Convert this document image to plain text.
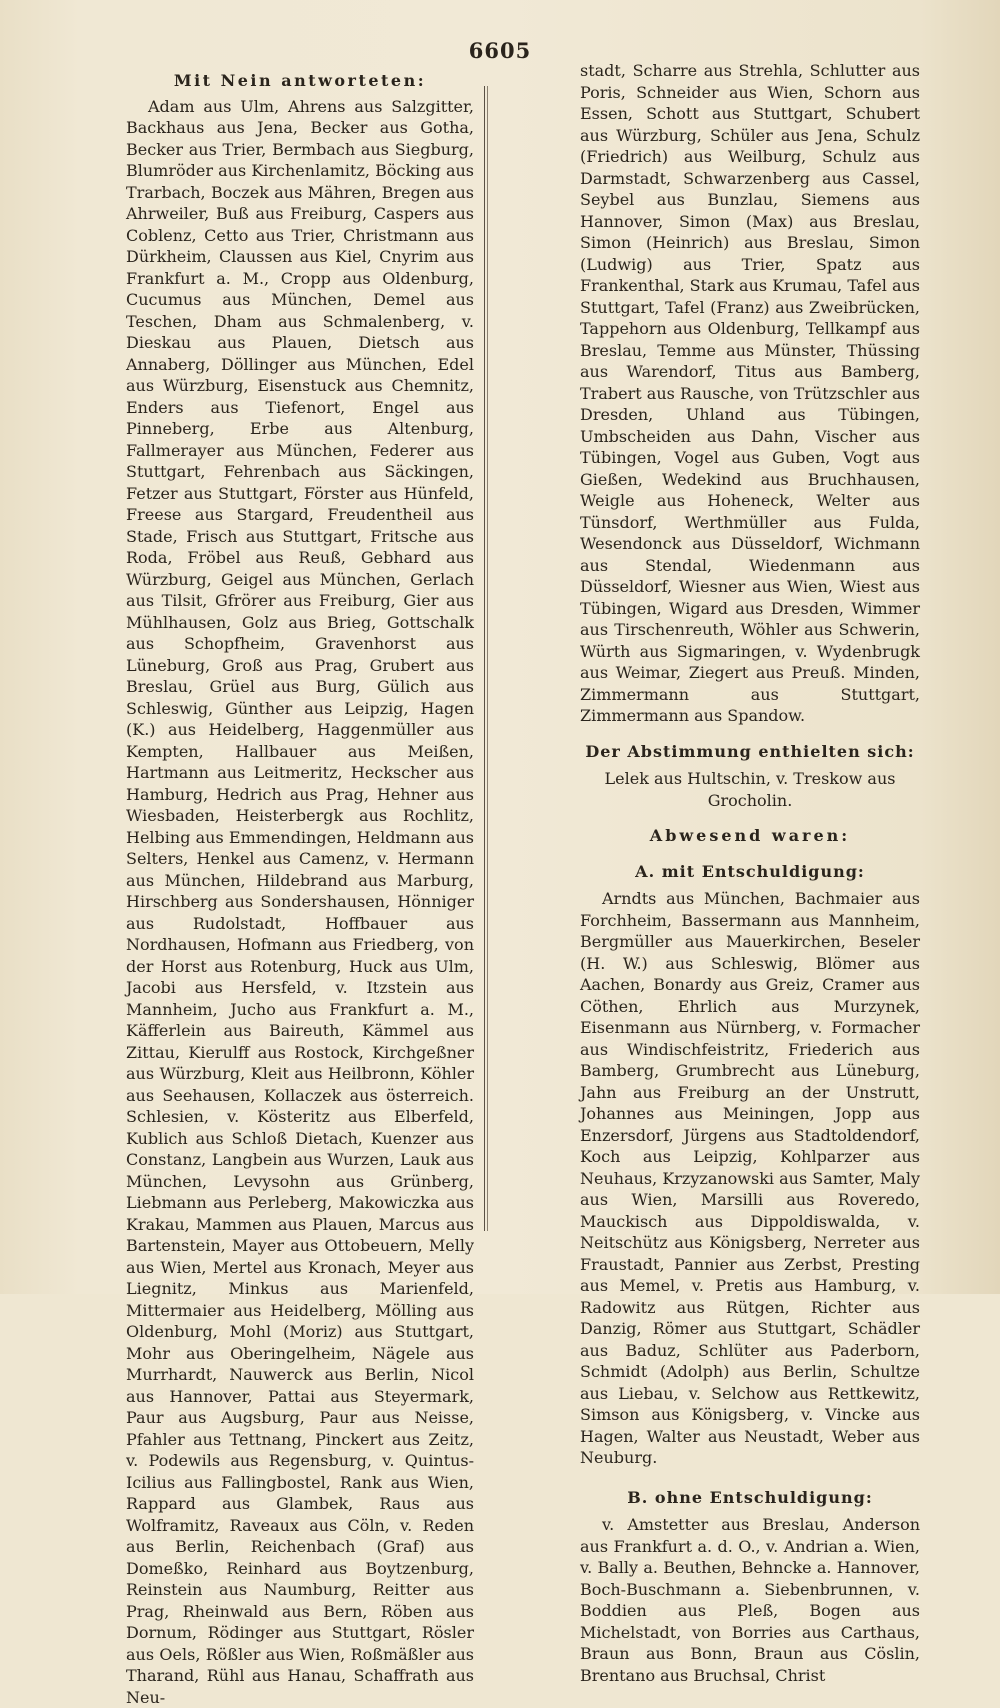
6605

Mit Nein antworteten:

Adam aus Ulm, Ahrens aus Salzgitter, Backhaus aus Jena, Becker aus Gotha, Becker aus Trier, Bermbach aus Siegburg, Blumröder aus Kirchenlamitz, Böcking aus Trarbach, Boczek aus Mähren, Bregen aus Ahrweiler, Buß aus Freiburg, Caspers aus Coblenz, Cetto aus Trier, Christmann aus Dürkheim, Claussen aus Kiel, Cnyrim aus Frankfurt a. M., Cropp aus Oldenburg, Cucumus aus München, Demel aus Teschen, Dham aus Schmalenberg, v. Dieskau aus Plauen, Dietsch aus Annaberg, Döllinger aus München, Edel aus Würzburg, Eisenstuck aus Chemnitz, Enders aus Tiefenort, Engel aus Pinneberg, Erbe aus Altenburg, Fallmerayer aus München, Federer aus Stuttgart, Fehrenbach aus Säckingen, Fetzer aus Stuttgart, Förster aus Hünfeld, Freese aus Stargard, Freudentheil aus Stade, Frisch aus Stuttgart, Fritsche aus Roda, Fröbel aus Reuß, Gebhard aus Würzburg, Geigel aus München, Gerlach aus Tilsit, Gfrörer aus Freiburg, Gier aus Mühlhausen, Golz aus Brieg, Gottschalk aus Schopfheim, Gravenhorst aus Lüneburg, Groß aus Prag, Grubert aus Breslau, Grüel aus Burg, Gülich aus Schleswig, Günther aus Leipzig, Hagen (K.) aus Heidelberg, Haggenmüller aus Kempten, Hallbauer aus Meißen, Hartmann aus Leitmeritz, Heckscher aus Hamburg, Hedrich aus Prag, Hehner aus Wiesbaden, Heisterbergk aus Rochlitz, Helbing aus Emmendingen, Heldmann aus Selters, Henkel aus Camenz, v. Hermann aus München, Hildebrand aus Marburg, Hirschberg aus Sondershausen, Hönniger aus Rudolstadt, Hoffbauer aus Nordhausen, Hofmann aus Friedberg, von der Horst aus Rotenburg, Huck aus Ulm, Jacobi aus Hersfeld, v. Itzstein aus Mannheim, Jucho aus Frankfurt a. M., Käfferlein aus Baireuth, Kämmel aus Zittau, Kierulff aus Rostock, Kirchgeßner aus Würzburg, Kleit aus Heilbronn, Köhler aus Seehausen, Kollaczek aus österreich. Schlesien, v. Kösteritz aus Elberfeld, Kublich aus Schloß Dietach, Kuenzer aus Constanz, Langbein aus Wurzen, Lauk aus München, Levysohn aus Grünberg, Liebmann aus Perleberg, Makowiczka aus Krakau, Mammen aus Plauen, Marcus aus Bartenstein, Mayer aus Ottobeuern, Melly aus Wien, Mertel aus Kronach, Meyer aus Liegnitz, Minkus aus Marienfeld, Mittermaier aus Heidelberg, Mölling aus Oldenburg, Mohl (Moriz) aus Stuttgart, Mohr aus Oberingelheim, Nägele aus Murrhardt, Nauwerck aus Berlin, Nicol aus Hannover, Pattai aus Steyermark, Paur aus Augsburg, Paur aus Neisse, Pfahler aus Tettnang, Pinckert aus Zeitz, v. Podewils aus Regensburg, v. Quintus-Icilius aus Fallingbostel, Rank aus Wien, Rappard aus Glambek, Raus aus Wolframitz, Raveaux aus Cöln, v. Reden aus Berlin, Reichenbach (Graf) aus Domeßko, Reinhard aus Boytzenburg, Reinstein aus Naumburg, Reitter aus Prag, Rheinwald aus Bern, Röben aus Dornum, Rödinger aus Stuttgart, Rösler aus Oels, Rößler aus Wien, Roßmäßler aus Tharand, Rühl aus Hanau, Schaffrath aus Neu-

stadt, Scharre aus Strehla, Schlutter aus Poris, Schneider aus Wien, Schorn aus Essen, Schott aus Stuttgart, Schubert aus Würzburg, Schüler aus Jena, Schulz (Friedrich) aus Weilburg, Schulz aus Darmstadt, Schwarzenberg aus Cassel, Seybel aus Bunzlau, Siemens aus Hannover, Simon (Max) aus Breslau, Simon (Heinrich) aus Breslau, Simon (Ludwig) aus Trier, Spatz aus Frankenthal, Stark aus Krumau, Tafel aus Stuttgart, Tafel (Franz) aus Zweibrücken, Tappehorn aus Oldenburg, Tellkampf aus Breslau, Temme aus Münster, Thüssing aus Warendorf, Titus aus Bamberg, Trabert aus Rausche, von Trützschler aus Dresden, Uhland aus Tübingen, Umbscheiden aus Dahn, Vischer aus Tübingen, Vogel aus Guben, Vogt aus Gießen, Wedekind aus Bruchhausen, Weigle aus Hoheneck, Welter aus Tünsdorf, Werthmüller aus Fulda, Wesendonck aus Düsseldorf, Wichmann aus Stendal, Wiedenmann aus Düsseldorf, Wiesner aus Wien, Wiest aus Tübingen, Wigard aus Dresden, Wimmer aus Tirschenreuth, Wöhler aus Schwerin, Würth aus Sigmaringen, v. Wydenbrugk aus Weimar, Ziegert aus Preuß. Minden, Zimmermann aus Stuttgart, Zimmermann aus Spandow.

Der Abstimmung enthielten sich:

Lelek aus Hultschin, v. Treskow aus Grocholin.

Abwesend waren:

A. mit Entschuldigung:

Arndts aus München, Bachmaier aus Forchheim, Bassermann aus Mannheim, Bergmüller aus Mauerkirchen, Beseler (H. W.) aus Schleswig, Blömer aus Aachen, Bonardy aus Greiz, Cramer aus Cöthen, Ehrlich aus Murzynek, Eisenmann aus Nürnberg, v. Formacher aus Windischfeistritz, Friederich aus Bamberg, Grumbrecht aus Lüneburg, Jahn aus Freiburg an der Unstrutt, Johannes aus Meiningen, Jopp aus Enzersdorf, Jürgens aus Stadtoldendorf, Koch aus Leipzig, Kohlparzer aus Neuhaus, Krzyzanowski aus Samter, Maly aus Wien, Marsilli aus Roveredo, Mauckisch aus Dippoldiswalda, v. Neitschütz aus Königsberg, Nerreter aus Fraustadt, Pannier aus Zerbst, Presting aus Memel, v. Pretis aus Hamburg, v. Radowitz aus Rütgen, Richter aus Danzig, Römer aus Stuttgart, Schädler aus Baduz, Schlüter aus Paderborn, Schmidt (Adolph) aus Berlin, Schultze aus Liebau, v. Selchow aus Rettkewitz, Simson aus Königsberg, v. Vincke aus Hagen, Walter aus Neustadt, Weber aus Neuburg.

B. ohne Entschuldigung:

v. Amstetter aus Breslau, Anderson aus Frankfurt a. d. O., v. Andrian a. Wien, v. Bally a. Beuthen, Behncke a. Hannover, Boch-Buschmann a. Siebenbrunnen, v. Boddien aus Pleß, Bogen aus Michelstadt, von Borries aus Carthaus, Braun aus Bonn, Braun aus Cöslin, Brentano aus Bruchsal, Christ
